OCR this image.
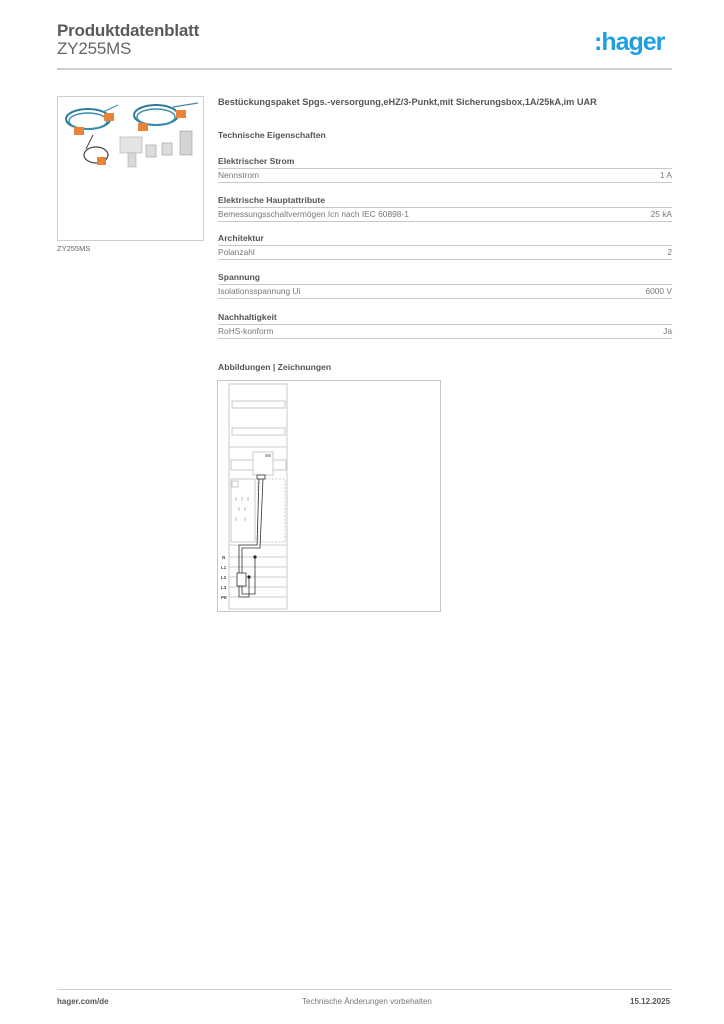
Produktdatenblatt
ZY255MS	:hager
ZY255MS
Bestückungspaket Spgs.-versorgung,eHZ/3-Punkt,mit Sicherungsbox,1A/25kA,im UAR
Technische Eigenschaften
Elektrischer Strom
Nennstrom	1 A
Elektrische Hauptattribute
Bemessungsschaltvermögen Icn nach IEC 60898-1	25 kA
Architektur
Polanzahl	2
Spannung
Isolationsspannung Ui	6000 V
Nachhaltigkeit
RoHS-konform	Ja
Abbildungen | Zeichnungen
N
L1
L2
L3
PE
hager.com/de	Technische Änderungen vorbehalten	15.12.2025
